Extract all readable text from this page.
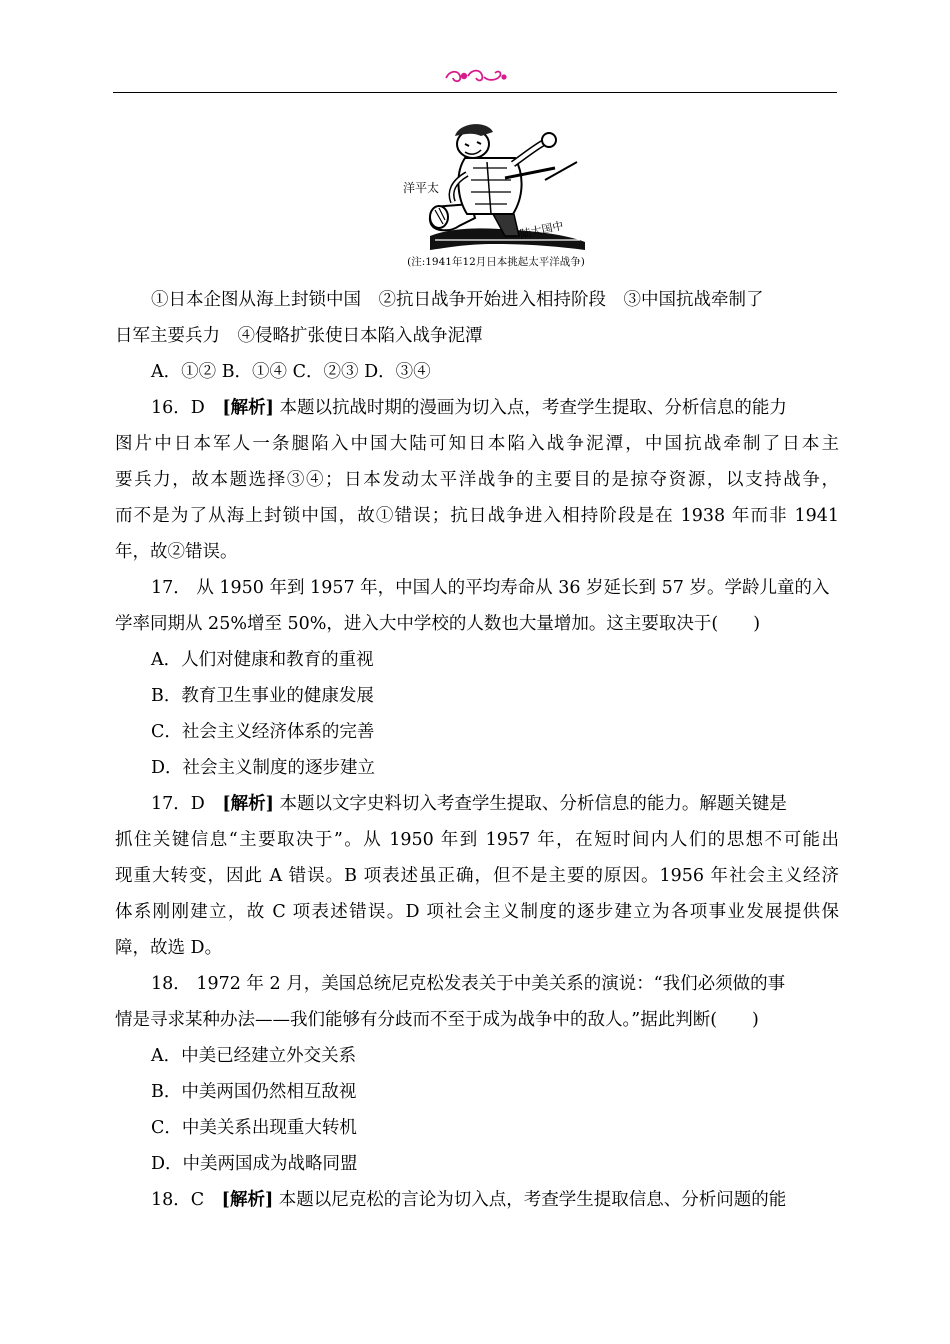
洋平太
陆大国中
(注:1941年12月日本挑起太平洋战争)
①日本企图从海上封锁中国　②抗日战争开始进入相持阶段　③中国抗战牵制了
日军主要兵力　④侵略扩张使日本陷入战争泥潭
A．①② B．①④ C．②③ D．③④
16．D　[解析] 本题以抗战时期的漫画为切入点，考查学生提取、分析信息的能力
图片中日本军人一条腿陷入中国大陆可知日本陷入战争泥潭，中国抗战牵制了日本主
要兵力，故本题选择③④；日本发动太平洋战争的主要目的是掠夺资源，以支持战争，
而不是为了从海上封锁中国，故①错误；抗日战争进入相持阶段是在 1938 年而非 1941
年，故②错误。
17． 从 1950 年到 1957 年，中国人的平均寿命从 36 岁延长到 57 岁。学龄儿童的入
学率同期从 25%增至 50%，进入大中学校的人数也大量增加。这主要取决于(　　)
A．人们对健康和教育的重视
B．教育卫生事业的健康发展
C．社会主义经济体系的完善
D．社会主义制度的逐步建立
17．D　[解析] 本题以文字史料切入考查学生提取、分析信息的能力。解题关键是
抓住关键信息“主要取决于”。从 1950 年到 1957 年，在短时间内人们的思想不可能出
现重大转变，因此 A 错误。B 项表述虽正确，但不是主要的原因。1956 年社会主义经济
体系刚刚建立，故 C 项表述错误。D 项社会主义制度的逐步建立为各项事业发展提供保
障，故选 D。
18． 1972 年 2 月，美国总统尼克松发表关于中美关系的演说：“我们必须做的事
情是寻求某种办法——我们能够有分歧而不至于成为战争中的敌人。”据此判断(　　)
A．中美已经建立外交关系
B．中美两国仍然相互敌视
C．中美关系出现重大转机
D．中美两国成为战略同盟
18．C　[解析] 本题以尼克松的言论为切入点，考查学生提取信息、分析问题的能
